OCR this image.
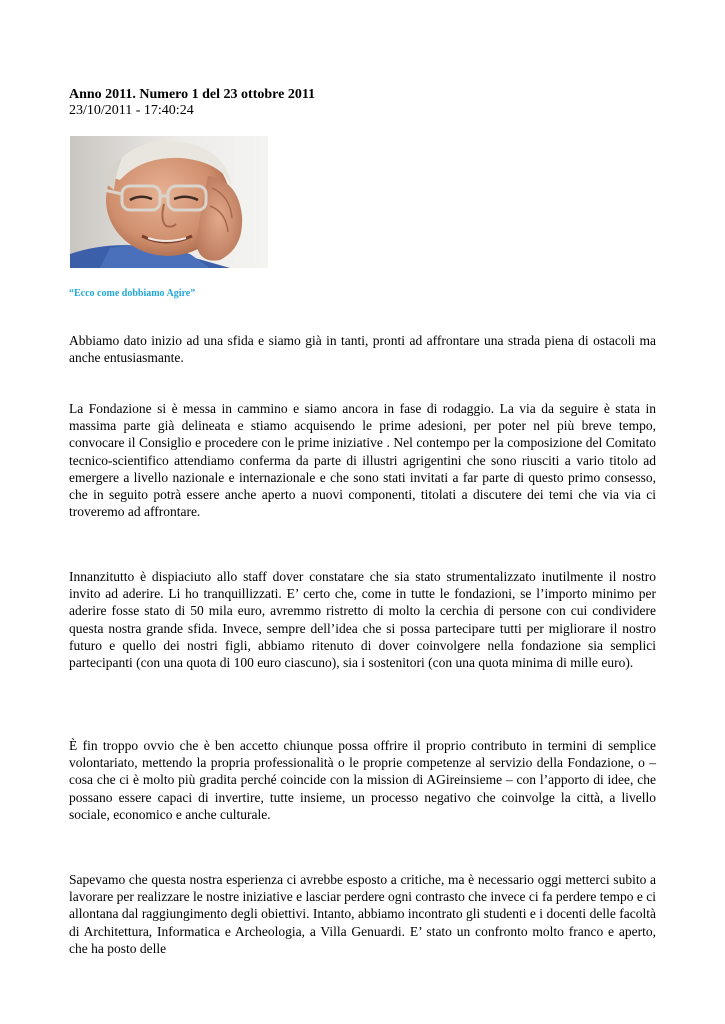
Anno 2011. Numero 1 del 23 ottobre 2011
23/10/2011 - 17:40:24
“Ecco come dobbiamo Agire”

Abbiamo dato inizio ad una sfida e siamo già in tanti, pronti ad affrontare una strada piena di ostacoli ma anche entusiasmante.

La Fondazione si è messa in cammino e siamo ancora in fase di rodaggio. La via da seguire è stata in massima parte già delineata e stiamo acquisendo le prime adesioni, per poter nel più breve tempo, convocare il Consiglio e procedere con le prime iniziative . Nel contempo per la composizione del Comitato tecnico-scientifico attendiamo conferma da parte di illustri agrigentini che sono riusciti a vario titolo ad emergere a livello nazionale e internazionale e che sono stati invitati a far parte di questo primo consesso, che in seguito potrà essere anche aperto a nuovi componenti, titolati a discutere dei temi che via via ci troveremo ad affrontare.

Innanzitutto è dispiaciuto allo staff dover constatare che sia stato strumentalizzato inutilmente il nostro invito ad aderire. Li ho tranquillizzati. E’ certo che, come in tutte le fondazioni, se l’importo minimo per aderire fosse stato di 50 mila euro, avremmo ristretto di molto la cerchia di persone con cui condividere questa nostra grande sfida. Invece, sempre dell’idea che si possa partecipare tutti per migliorare il nostro futuro e quello dei nostri figli, abbiamo ritenuto di dover coinvolgere nella fondazione sia semplici partecipanti (con una quota di 100 euro ciascuno), sia i sostenitori (con una quota minima di mille euro).

È fin troppo ovvio che è ben accetto chiunque possa offrire il proprio contributo in termini di semplice volontariato, mettendo la propria professionalità o le proprie competenze al servizio della Fondazione, o – cosa che ci è molto più gradita perché coincide con la mission di AGireinsieme – con l’apporto di idee, che possano essere capaci di invertire, tutte insieme, un processo negativo che coinvolge la città, a livello sociale, economico e anche culturale.

Sapevamo che questa nostra esperienza ci avrebbe esposto a critiche, ma è necessario oggi metterci subito a lavorare per realizzare le nostre iniziative e lasciar perdere ogni contrasto che invece ci fa perdere tempo e ci allontana dal raggiungimento degli obiettivi. Intanto, abbiamo incontrato gli studenti e i docenti delle facoltà di Architettura, Informatica e Archeologia, a Villa Genuardi. E’ stato un confronto molto franco e aperto, che ha posto delle
